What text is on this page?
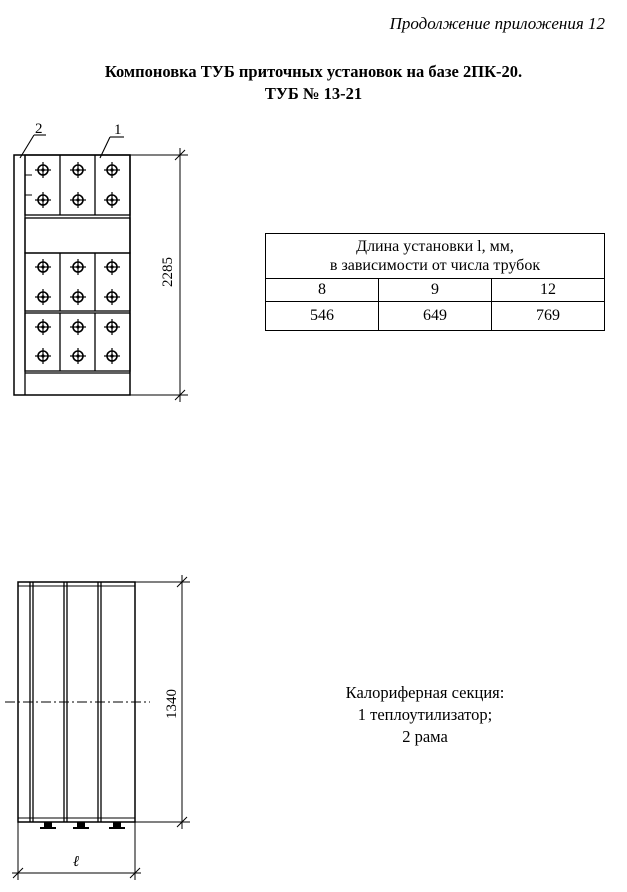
Продолжение приложения 12
Компоновка ТУБ приточных установок на базе 2ПК-20.
ТУБ № 13-21
2	1
2285
1340
ℓ
Длина установки l, мм,
в зависимости от числа трубок		

8	9	12
546	649	769
Калориферная секция:
1 теплоутилизатор;
2 рама
